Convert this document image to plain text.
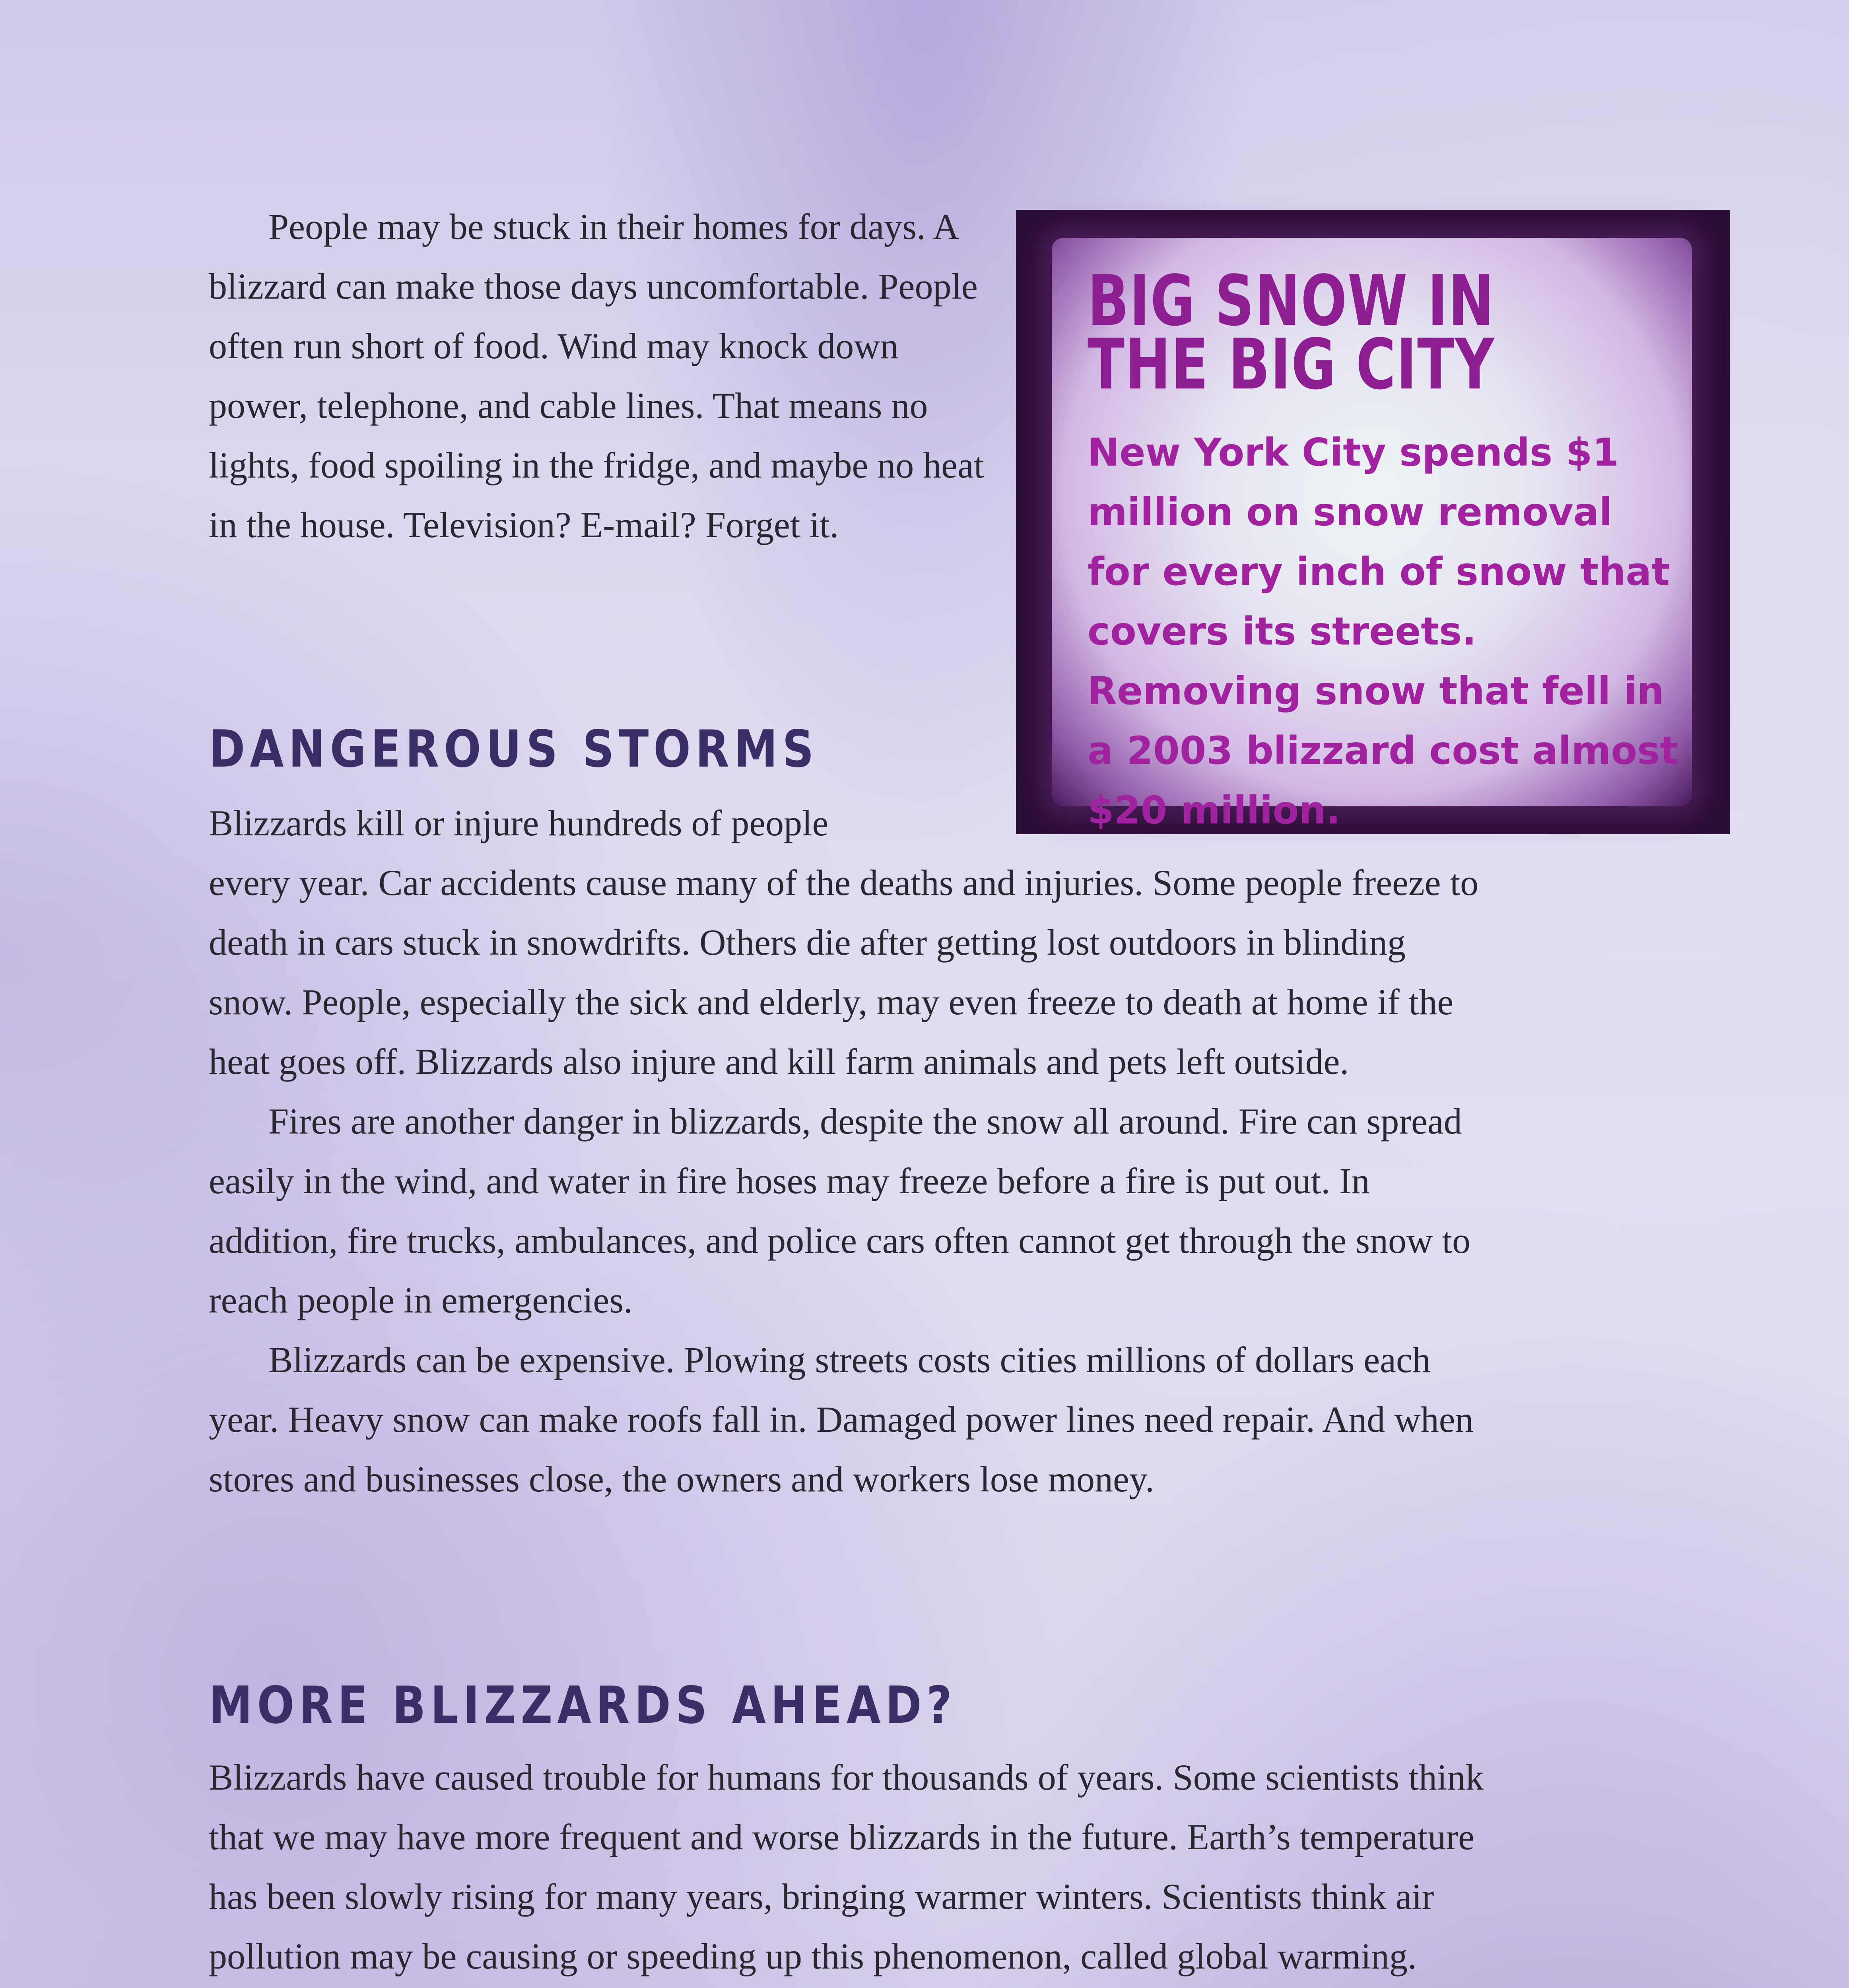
People may be stuck in their homes for days. A blizzard can make those days uncomfortable. People often run short of food. Wind may knock down power, telephone, and cable lines. That means no lights, food spoiling in the fridge, and maybe no heat in the house. Television? E-mail? Forget it.

BIG SNOW IN THE BIG CITY

New York City spends $1 million on snow removal for every inch of snow that covers its streets. Removing snow that fell in a 2003 blizzard cost almost $20 million.

DANGEROUS STORMS

Blizzards kill or injure hundreds of people

every year. Car accidents cause many of the deaths and injuries. Some people freeze to death in cars stuck in snowdrifts. Others die after getting lost outdoors in blinding snow. People, especially the sick and elderly, may even freeze to death at home if the heat goes off. Blizzards also injure and kill farm animals and pets left outside.

Fires are another danger in blizzards, despite the snow all around. Fire can spread easily in the wind, and water in fire hoses may freeze before a fire is put out. In addition, fire trucks, ambulances, and police cars often cannot get through the snow to reach people in emergencies.

Blizzards can be expensive. Plowing streets costs cities millions of dollars each year. Heavy snow can make roofs fall in. Damaged power lines need repair. And when stores and businesses close, the owners and workers lose money.

MORE BLIZZARDS AHEAD?

Blizzards have caused trouble for humans for thousands of years. Some scientists think that we may have more frequent and worse blizzards in the future. Earth’s temperature has been slowly rising for many years, bringing warmer winters. Scientists think air pollution may be causing or speeding up this phenomenon, called global warming.
